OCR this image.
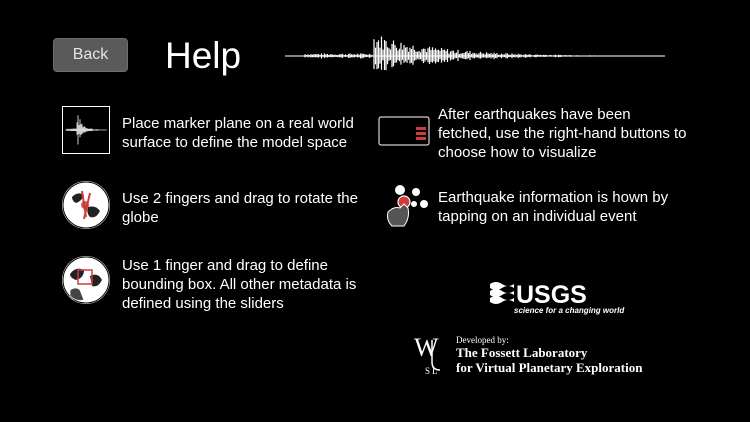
Back	Help
Place marker plane on a real world
surface to define the model space
Use 2 fingers and drag to rotate the
globe
Use 1 finger and drag to define
bounding box. All other metadata is
defined using the sliders
After earthquakes have been
fetched, use the right-hand buttons to
choose how to visualize
Earthquake information is hown by
tapping on an individual event
USGS
science for a changing world
W
S L
Developed by:
The Fossett Laboratory
for Virtual Planetary Exploration
